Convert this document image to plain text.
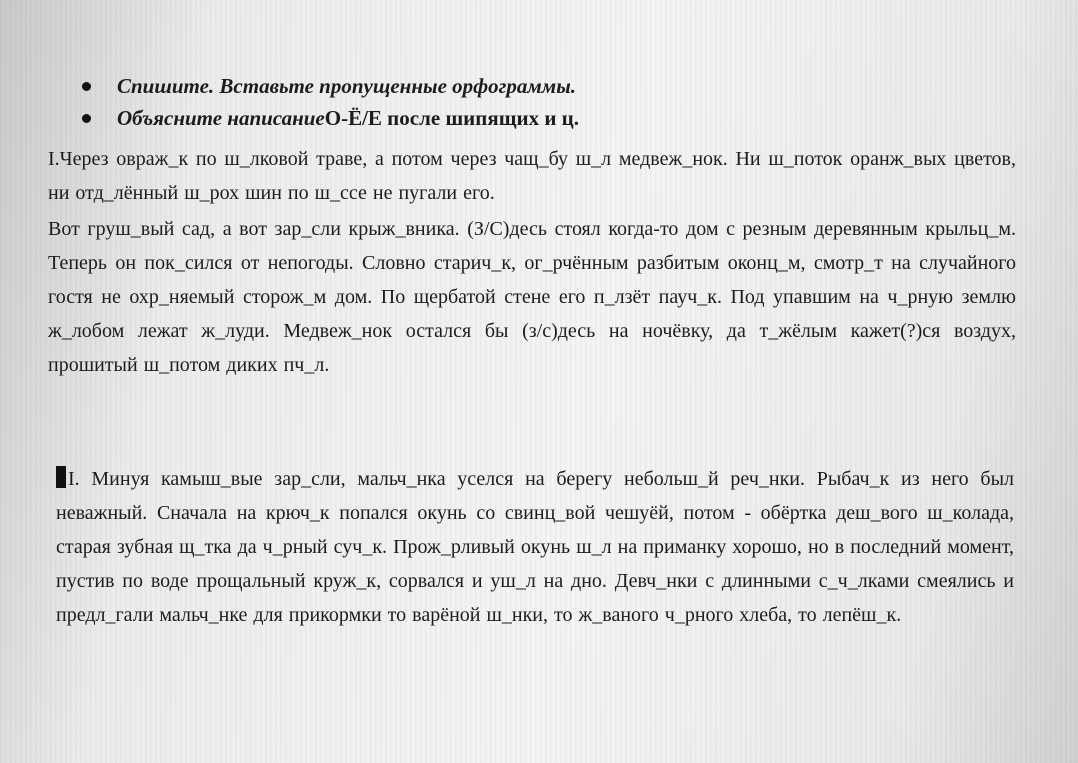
Спишите. Вставьте пропущенные орфограммы.
Объясните написание О-Ё/Е после шипящих и ц.
I.Через овраж_к по ш_лковой траве, а потом через чащ_бу ш_л медвеж_нок. Ни ш_поток оранж_вых цветов, ни отд_лённый ш_рох шин по ш_ссе не пугали его.
Вот груш_вый сад, а вот зар_сли крыж_вника. (З/С)десь стоял когда-то дом с резным деревянным крыльц_м. Теперь он пок_сился от непогоды. Словно старич_к, ог_рчённым разбитым оконц_м, смотр_т на случайного гостя не охр_няемый сторож_м дом. По щербатой стене его п_лзёт пауч_к. Под упавшим на ч_рную землю ж_лобом лежат ж_луди. Медвеж_нок остался бы (з/с)десь на ночёвку, да т_жёлым кажет(?)ся воздух, прошитый ш_потом диких пч_л.
I. Минуя камыш_вые зар_сли, мальч_нка уселся на берегу небольш_й реч_нки. Рыбач_к из него был неважный. Сначала на крюч_к попался окунь со свинц_вой чешуёй, потом - обёртка деш_вого ш_колада, старая зубная щ_тка да ч_рный суч_к. Прож_рливый окунь ш_л на приманку хорошо, но в последний момент, пустив по воде прощальный круж_к, сорвался и уш_л на дно. Девч_нки с длинными с_ч_лками смеялись и предл_гали мальч_нке для прикормки то варёной ш_нки, то ж_ваного ч_рного хлеба, то лепёш_к.
